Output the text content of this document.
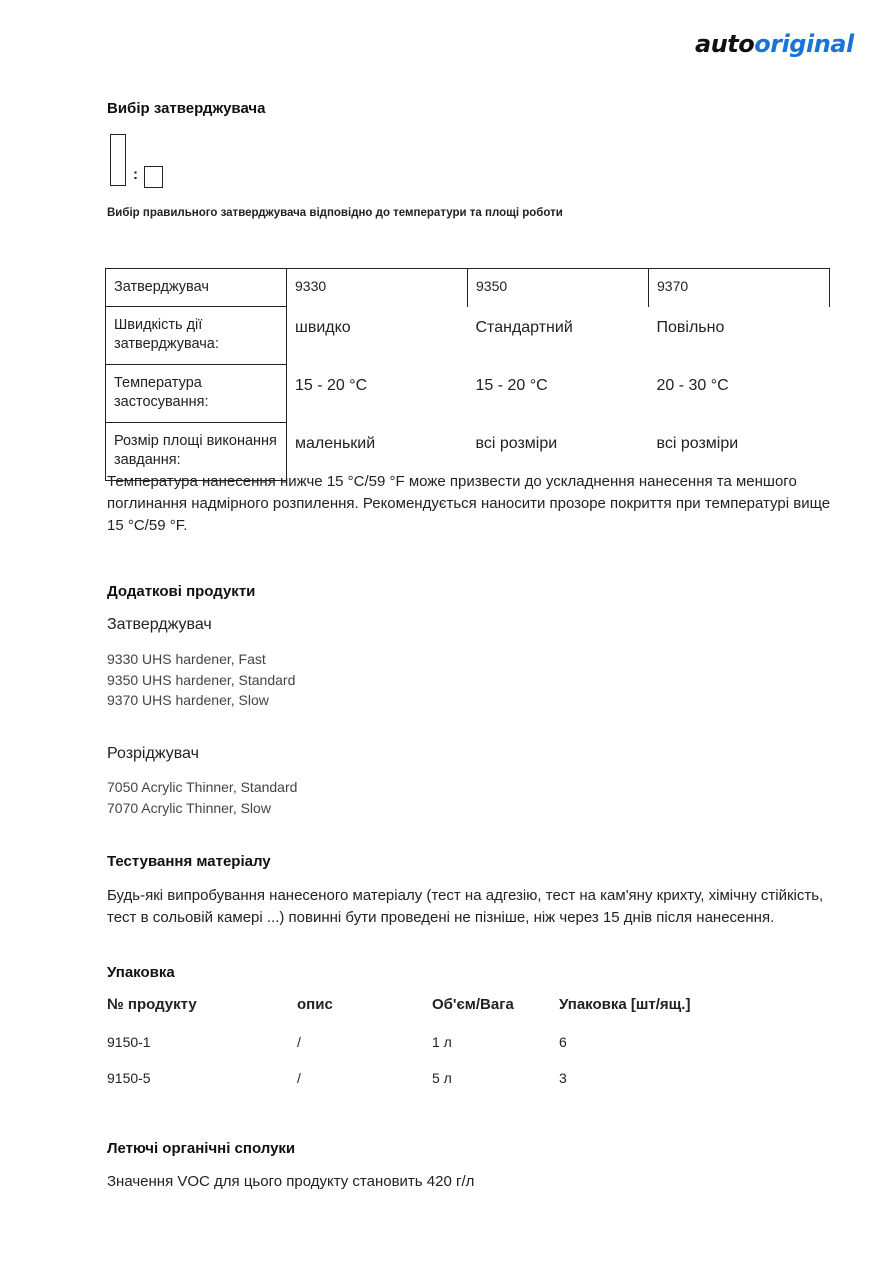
autooriginal
Вибір затверджувача
:
Вибір правильного затверджувача відповідно до температури та площі роботи
Затверджувач	9330	9350	9370
Швидкість дії затверджувача:	швидко	Стандартний	Повільно
Температура застосування:	15 - 20 °C	15 - 20 °C	20 - 30 °C
Розмір площі виконання завдання:	маленький	всі розміри	всі розміри
Температура нанесення нижче 15 °C/59 °F може призвести до ускладнення нанесення та меншого поглинання надмірного розпилення. Рекомендується наносити прозоре покриття при температурі вище 15 °C/59 °F.
Додаткові продукти
Затверджувач
9330 UHS hardener, Fast
9350 UHS hardener, Standard
9370 UHS hardener, Slow
Розріджувач
7050 Acrylic Thinner, Standard
7070 Acrylic Thinner, Slow
Тестування матеріалу
Будь-які випробування нанесеного матеріалу (тест на адгезію, тест на кам'яну крихту, хімічну стійкість, тест в сольовій камері ...) повинні бути проведені не пізніше, ніж через 15 днів після нанесення.
Упаковка
№ продукту	опис	Об'єм/Вага	Упаковка [шт/ящ.]
9150-1	/	1 л	6
9150-5	/	5 л	3
Летючі органічні сполуки
Значення VOC для цього продукту становить 420 г/л
